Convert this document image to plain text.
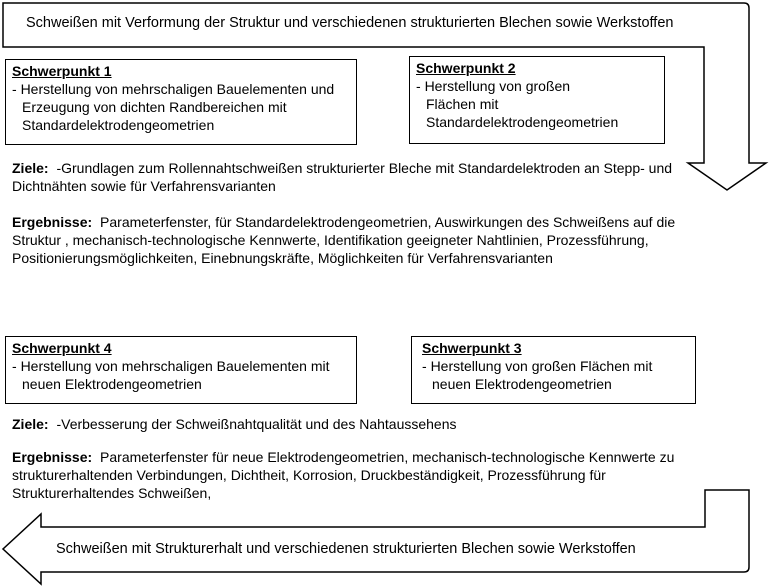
Schweißen mit Verformung der Struktur und verschiedenen strukturierten Blechen sowie Werkstoffen
Schweißen mit Strukturerhalt und verschiedenen strukturierten Blechen sowie Werkstoffen
Schwerpunkt 1
- Herstellung von mehrschaligen Bauelementen und Erzeugung von dichten Randbereichen mit Standardelektrodengeometrien
Schwerpunkt 2
- Herstellung von großen Flächen mit Standardelektrodengeometrien
Ziele: -Grundlagen zum Rollennahtschweißen strukturierter Bleche mit Standardelektroden an Stepp- und Dichtnähten sowie für Verfahrensvarianten
Ergebnisse: Parameterfenster, für Standardelektrodengeometrien, Auswirkungen des Schweißens auf die Struktur , mechanisch-technologische Kennwerte, Identifikation geeigneter Nahtlinien, Prozessführung, Positionierungsmöglichkeiten, Einebnungskräfte, Möglichkeiten für Verfahrensvarianten
Schwerpunkt 4
- Herstellung von mehrschaligen Bauelementen mit neuen Elektrodengeometrien
Schwerpunkt 3
- Herstellung von großen Flächen mit neuen Elektrodengeometrien
Ziele: -Verbesserung der Schweißnahtqualität und des Nahtaussehens
Ergebnisse: Parameterfenster für neue Elektrodengeometrien, mechanisch-technologische Kennwerte zu strukturerhaltenden Verbindungen, Dichtheit, Korrosion, Druckbeständigkeit, Prozessführung für Strukturerhaltendes Schweißen,
